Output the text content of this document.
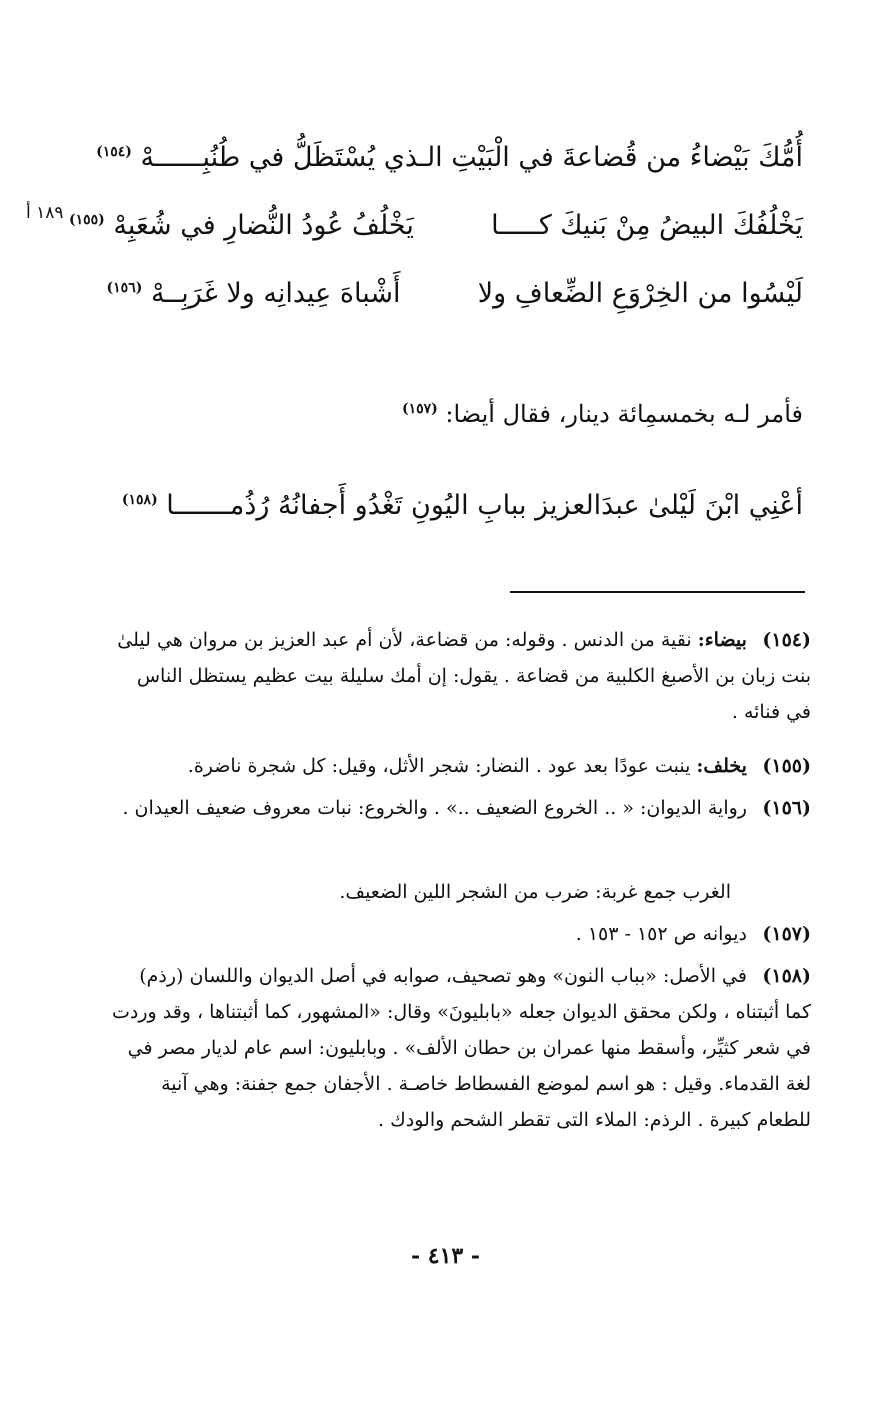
١٨٩ أ
أُمُّكَ بَيْضاءُ من قُضاعةَ في الْبَيْتِ الـذي يُسْتَظَلُّ في طُنُبِــــــهْ $^{(١٥٤)}$
يَخْلُفُكَ البيضُ مِنْ بَنيكَ كـــــا  يَخْلُفُ عُودُ النُّضارِ في شُعَبِهْ $^{(١٥٥)}$
لَيْسُوا من الخِرْوَعِ الضِّعافِ ولا  أَشْباهَ عِيدانِه ولا غَرَبِــهْ $^{(١٥٦)}$
فأمر لـه بخمسمِائة دينار، فقال أيضا: $^{(١٥٧)}$
أعْنِي ابْنَ لَيْلىٰ عبدَالعزيز ببابِ اليُونِ تَغْدُو أَجفانُهُ رُذُمـــــــا $^{(١٥٨)}$
(١٥٤) بيضاء: نقية من الدنس . وقوله: من قضاعة، لأن أم عبد العزيز بن مروان هي ليلىٰ بنت زبان بن الأصبغ الكلبية من قضاعة . يقول: إن أمك سليلة بيت عظيم يستظل الناس في فنائه .
(١٥٥) يخلف: ينبت عودًا بعد عود . النضار: شجر الأثل، وقيل: كل شجرة ناضرة.
(١٥٦) رواية الديوان: « .. الخروع الضعيف ..» . والخروع: نبات معروف ضعيف العيدان .
الغرب جمع غربة: ضرب من الشجر اللين الضعيف.
(١٥٧) ديوانه ص ١٥٢ - ١٥٣ .
(١٥٨) في الأصل: «بباب النون» وهو تصحيف، صوابه في أصل الديوان واللسان (رذم) كما أثبتناه ، ولكن محقق الديوان جعله «بابليونَ» وقال: «المشهور، كما أثبتناها ، وقد وردت في شعر كثيِّر، وأسقط منها عمران بن حطان الألف» . وبابليون: اسم عام لديار مصر في لغة القدماء. وقيل : هو اسم لموضع الفسطاط خاصـة . الأجفان جمع جفنة: وهي آنية للطعام كبيرة . الرذم: الملاء التى تقطر الشحم والودك .
- ٤١٣ -
